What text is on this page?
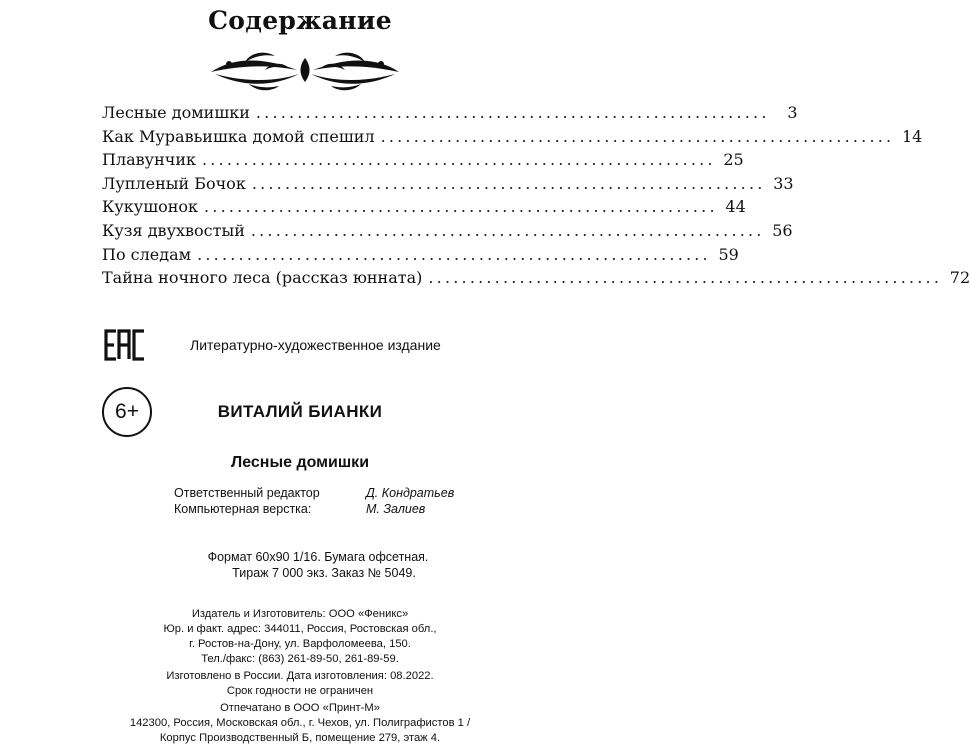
Содержание
Лесные домишки ..............................................................	3
Как Муравьишка домой спешил .............................................................. 14
Плавунчик .............................................................. 25
Лупленый Бочок .............................................................. 33
Кукушонок .............................................................. 44
Кузя двухвостый .............................................................. 56
По следам .............................................................. 59
Тайна ночного леса (рассказ юнната) .............................................................. 72
Литературно-художественное издание
6+	ВИТАЛИЙ БИАНКИ
Лесные домишки
Ответственный редактор	Д. Кондратьев
Компьютерная верстка:	М. Залиев
Формат 60x90 1/16. Бумага офсетная.
Тираж 7 000 экз. Заказ № 5049.
Издатель и Изготовитель: ООО «Феникс»
Юр. и факт. адрес: 344011, Россия, Ростовская обл.,
г. Ростов-на-Дону, ул. Варфоломеева, 150.
Тел./факс: (863) 261-89-50, 261-89-59.
Изготовлено в России. Дата изготовления: 08.2022.
Срок годности не ограничен
Отпечатано в ООО «Принт-М»
142300, Россия, Московская обл., г. Чехов, ул. Полиграфистов 1 /
Корпус Производственный Б, помещение 279, этаж 4.
